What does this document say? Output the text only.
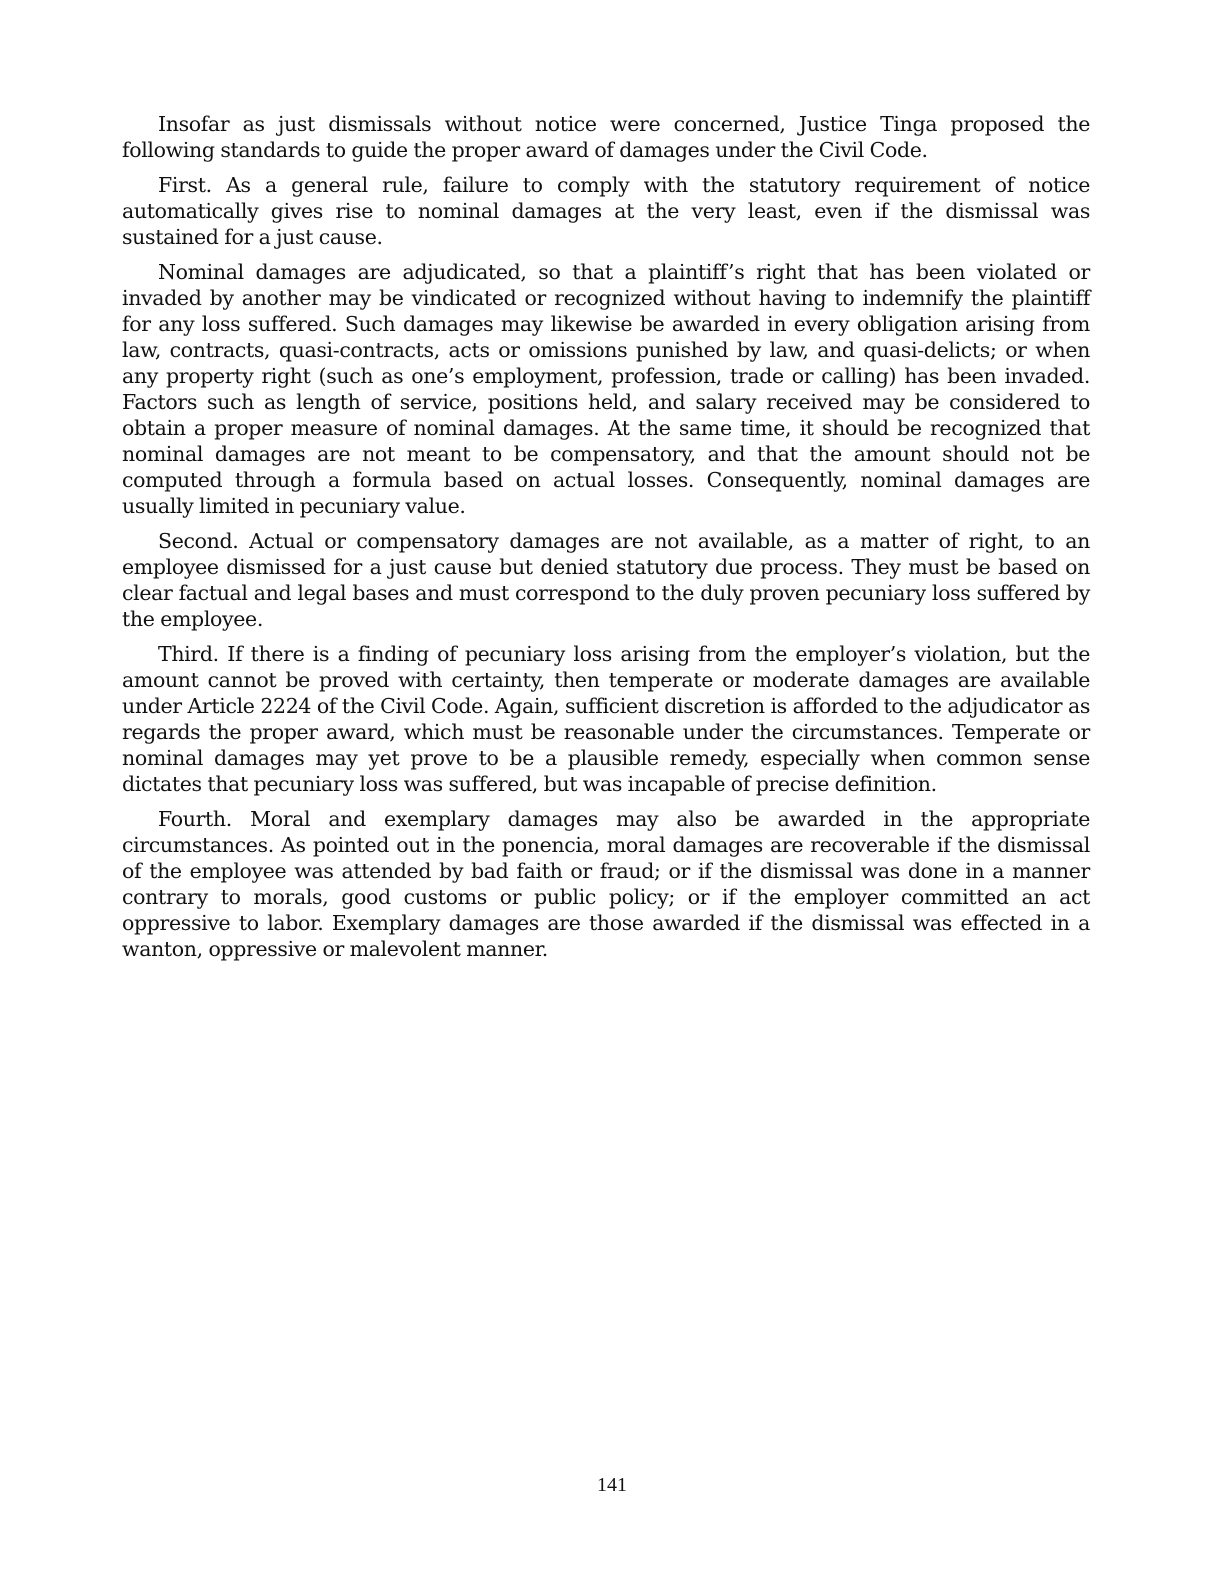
Insofar as just dismissals without notice were concerned, Justice Tinga proposed the following standards to guide the proper award of damages under the Civil Code.

First. As a general rule, failure to comply with the statutory requirement of notice automatically gives rise to nominal damages at the very least, even if the dismissal was sustained for a just cause.

Nominal damages are adjudicated, so that a plaintiff’s right that has been violated or invaded by another may be vindicated or recognized without having to indemnify the plaintiff for any loss suffered. Such damages may likewise be awarded in every obligation arising from law, contracts, quasi-contracts, acts or omissions punished by law, and quasi-delicts; or when any property right (such as one’s employment, profession, trade or calling) has been invaded. Factors such as length of service, positions held, and salary received may be considered to obtain a proper measure of nominal damages. At the same time, it should be recognized that nominal damages are not meant to be compensatory, and that the amount should not be computed through a formula based on actual losses. Consequently, nominal damages are usually limited in pecuniary value.

Second. Actual or compensatory damages are not available, as a matter of right, to an employee dismissed for a just cause but denied statutory due process. They must be based on clear factual and legal bases and must correspond to the duly proven pecuniary loss suffered by the employee.

Third. If there is a finding of pecuniary loss arising from the employer’s violation, but the amount cannot be proved with certainty, then temperate or moderate damages are available under Article 2224 of the Civil Code. Again, sufficient discretion is afforded to the adjudicator as regards the proper award, which must be reasonable under the circumstances. Temperate or nominal damages may yet prove to be a plausible remedy, especially when common sense dictates that pecuniary loss was suffered, but was incapable of precise definition.

Fourth. Moral and exemplary damages may also be awarded in the appropriate circumstances. As pointed out in the ponencia, moral damages are recoverable if the dismissal of the employee was attended by bad faith or fraud; or if the dismissal was done in a manner contrary to morals, good customs or public policy; or if the employer committed an act oppressive to labor. Exemplary damages are those awarded if the dismissal was effected in a wanton, oppressive or malevolent manner.

141
